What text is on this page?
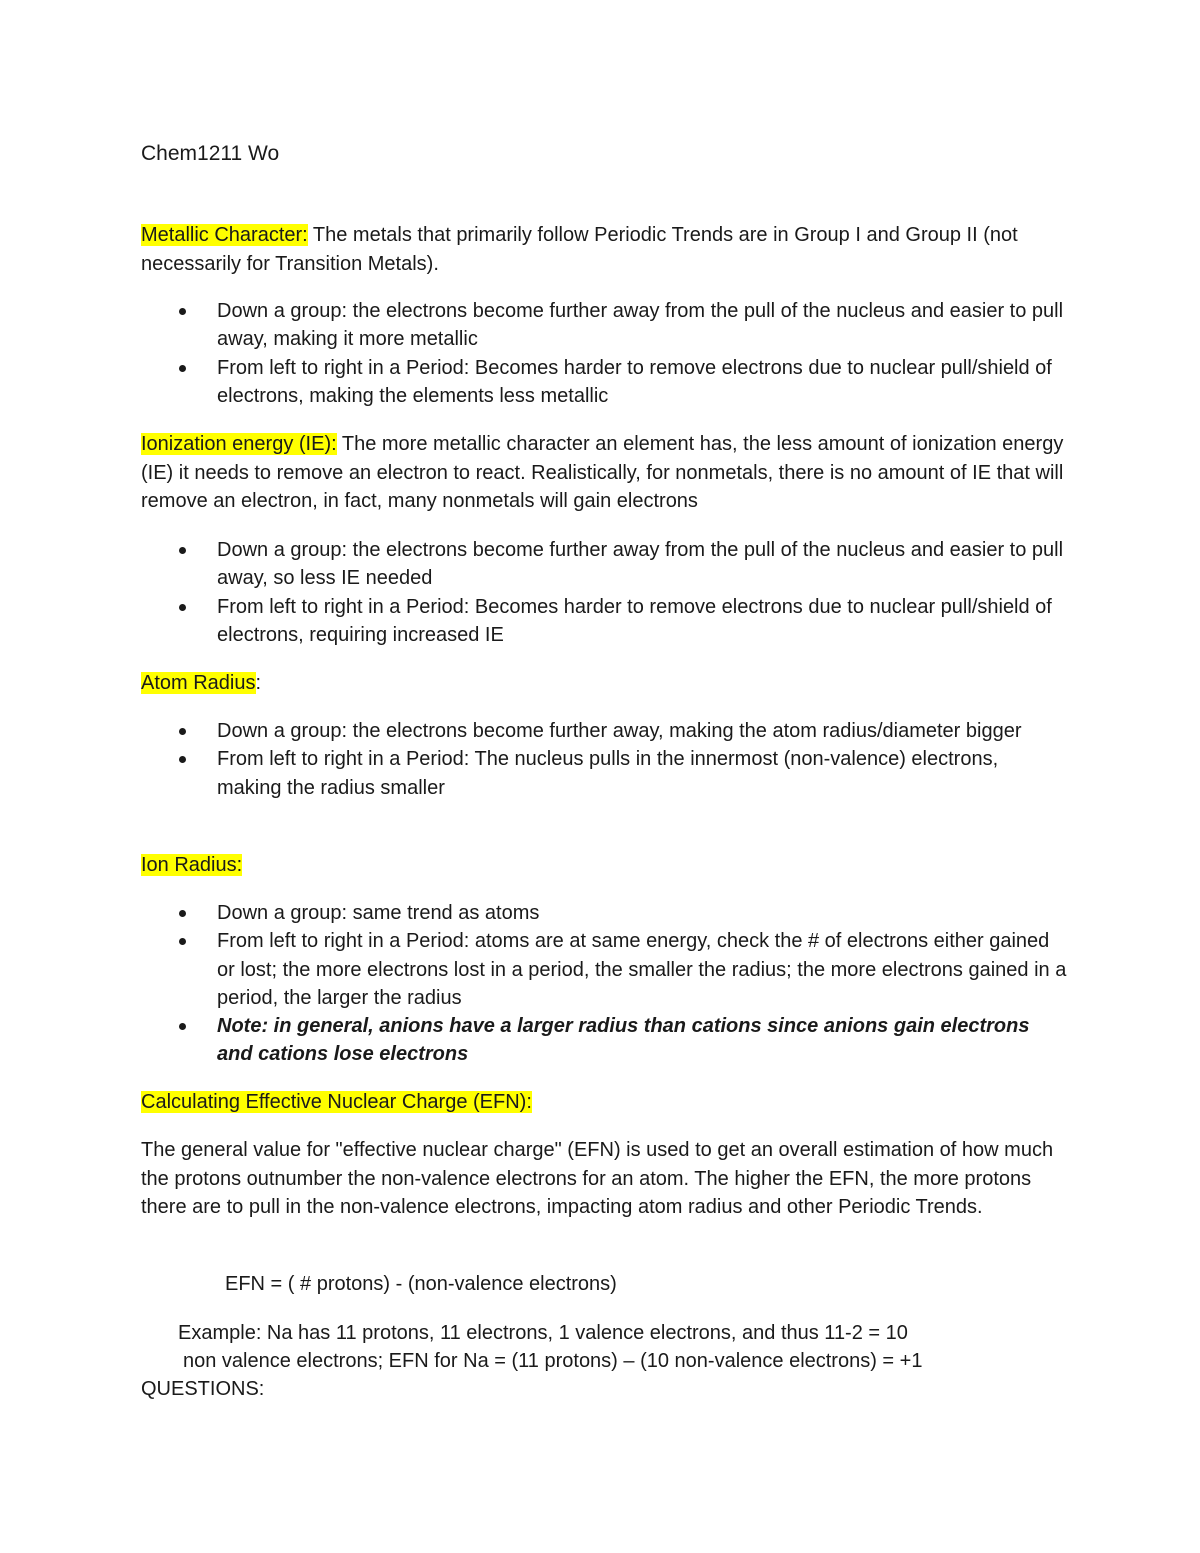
Chem1211 Wo
Metallic Character: The metals that primarily follow Periodic Trends are in Group I and Group II (not necessarily for Transition Metals).
Down a group: the electrons become further away from the pull of the nucleus and easier to pull away, making it more metallic
From left to right in a Period: Becomes harder to remove electrons due to nuclear pull/shield of electrons, making the elements less metallic
Ionization energy (IE): The more metallic character an element has, the less amount of ionization energy (IE) it needs to remove an electron to react. Realistically, for nonmetals, there is no amount of IE that will remove an electron, in fact, many nonmetals will gain electrons
Down a group: the electrons become further away from the pull of the nucleus and easier to pull away, so less IE needed
From left to right in a Period: Becomes harder to remove electrons due to nuclear pull/shield of electrons, requiring increased IE
Atom Radius:
Down a group: the electrons become further away, making the atom radius/diameter bigger
From left to right in a Period: The nucleus pulls in the innermost (non-valence) electrons, making the radius smaller
Ion Radius:
Down a group: same trend as atoms
From left to right in a Period: atoms are at same energy, check the # of electrons either gained or lost; the more electrons lost in a period, the smaller the radius; the more electrons gained in a period, the larger the radius
Note: in general, anions have a larger radius than cations since anions gain electrons and cations lose electrons
Calculating Effective Nuclear Charge (EFN):
The general value for "effective nuclear charge" (EFN) is used to get an overall estimation of how much the protons outnumber the non-valence electrons for an atom. The higher the EFN, the more protons there are to pull in the non-valence electrons, impacting atom radius and other Periodic Trends.
EFN = ( # protons) - (non-valence electrons)
Example: Na has 11 protons, 11 electrons, 1 valence electrons, and thus 11-2 = 10
non valence electrons; EFN for Na = (11 protons) – (10 non-valence electrons) = +1
QUESTIONS:
